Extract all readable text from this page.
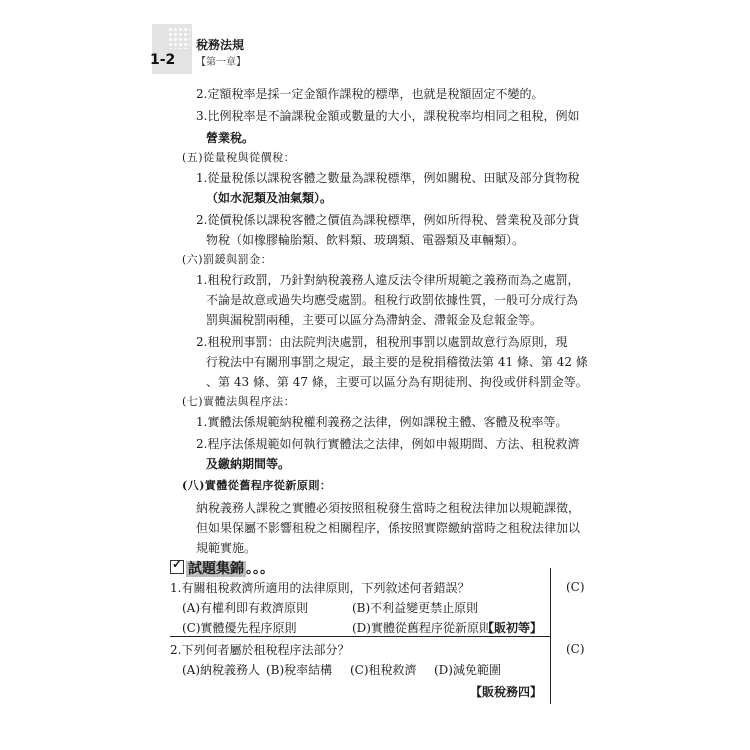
1-2
稅務法規
【第一章】
2.定額稅率是採一定金額作課稅的標準，也就是稅額固定不變的。
3.比例稅率是不論課稅金額或數量的大小，課稅稅率均相同之租稅，例如
營業稅。
(五)從量稅與從價稅：
1.從量稅係以課稅客體之數量為課稅標準，例如關稅、田賦及部分貨物稅
（如水泥類及油氣類）。
2.從價稅係以課稅客體之價值為課稅標準，例如所得稅、營業稅及部分貨
物稅（如橡膠輪胎類、飲料類、玻璃類、電器類及車輛類）。
(六)罰鍰與罰金：
1.租稅行政罰，乃針對納稅義務人違反法令律所規範之義務而為之處罰，
不論是故意或過失均應受處罰。租稅行政罰依據性質，一般可分成行為
罰與漏稅罰兩種，主要可以區分為滯納金、滯報金及怠報金等。
2.租稅刑事罰：由法院判決處罰，租稅刑事罰以處罰故意行為原則，現
行稅法中有關刑事罰之規定，最主要的是稅捐稽徵法第 41 條、第 42 條
、第 43 條、第 47 條，主要可以區分為有期徒刑、拘役或併科罰金等。
(七)實體法與程序法：
1.實體法係規範納稅權利義務之法律，例如課稅主體、客體及稅率等。
2.程序法係規範如何執行實體法之法律，例如申報期間、方法、租稅救濟
及繳納期間等。
(八)實體從舊程序從新原則：
納稅義務人課稅之實體必須按照租稅發生當時之租稅法律加以規範課徵，
但如果保屬不影響租稅之相關程序，係按照實際繳納當時之租稅法律加以
規範實施。
✓試題集錦 。。。
1.有關租稅救濟所適用的法律原則，下列敘述何者錯誤？	(C)
(A)有權利即有救濟原則	(B)不利益變更禁止原則
(C)實體優先程序原則	(D)實體從舊程序從新原則
【販初等】
2.下列何者屬於租稅程序法部分？	(C)
(A)納稅義務人 (B)稅率結構 (C)租稅救濟 (D)減免範圍
【販稅務四】
